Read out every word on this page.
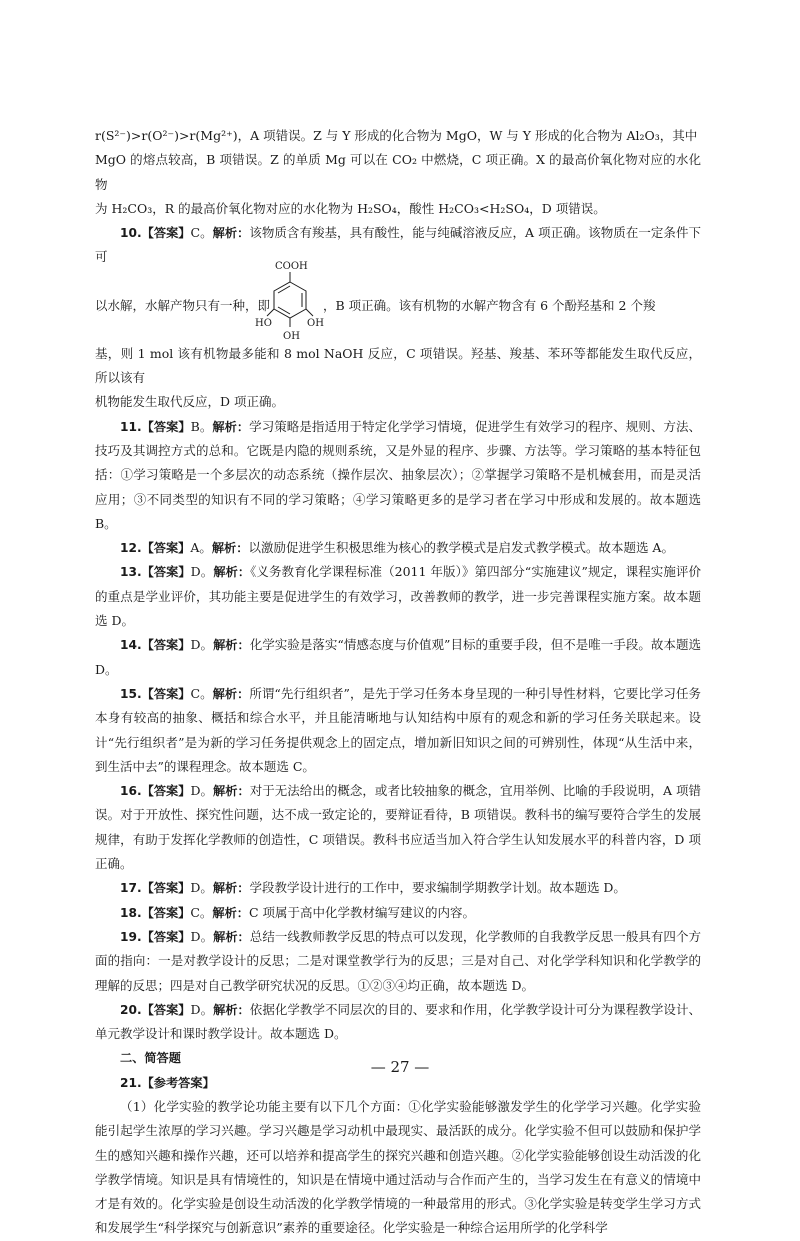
r(S²⁻)>r(O²⁻)>r(Mg²⁺)，A 项错误。Z 与 Y 形成的化合物为 MgO，W 与 Y 形成的化合物为 Al₂O₃，其中

MgO 的熔点较高，B 项错误。Z 的单质 Mg 可以在 CO₂ 中燃烧，C 项正确。X 的最高价氧化物对应的水化物

为 H₂CO₃，R 的最高价氧化物对应的水化物为 H₂SO₄，酸性 H₂CO₃<H₂SO₄，D 项错误。

10.【答案】C。解析：该物质含有羧基，具有酸性，能与纯碱溶液反应，A 项正确。该物质在一定条件下可

以水解，水解产物只有一种，即
COOH
HO	OH
OH
，B 项正确。该有机物的水解产物含有 6 个酚羟基和 2 个羧

基，则 1 mol 该有机物最多能和 8 mol NaOH 反应，C 项错误。羟基、羧基、苯环等都能发生取代反应，所以该有

机物能发生取代反应，D 项正确。

11.【答案】B。解析：学习策略是指适用于特定化学学习情境，促进学生有效学习的程序、规则、方法、技巧及其调控方式的总和。它既是内隐的规则系统，又是外显的程序、步骤、方法等。学习策略的基本特征包括：①学习策略是一个多层次的动态系统（操作层次、抽象层次）；②掌握学习策略不是机械套用，而是灵活应用；③不同类型的知识有不同的学习策略；④学习策略更多的是学习者在学习中形成和发展的。故本题选 B。

12.【答案】A。解析：以激励促进学生积极思维为核心的教学模式是启发式教学模式。故本题选 A。

13.【答案】D。解析：《义务教育化学课程标准（2011 年版）》第四部分“实施建议”规定，课程实施评价的重点是学业评价，其功能主要是促进学生的有效学习，改善教师的教学，进一步完善课程实施方案。故本题选 D。

14.【答案】D。解析：化学实验是落实“情感态度与价值观”目标的重要手段，但不是唯一手段。故本题选 D。

15.【答案】C。解析：所谓“先行组织者”，是先于学习任务本身呈现的一种引导性材料，它要比学习任务本身有较高的抽象、概括和综合水平，并且能清晰地与认知结构中原有的观念和新的学习任务关联起来。设计“先行组织者”是为新的学习任务提供观念上的固定点，增加新旧知识之间的可辨别性，体现“从生活中来，到生活中去”的课程理念。故本题选 C。

16.【答案】D。解析：对于无法给出的概念，或者比较抽象的概念，宜用举例、比喻的手段说明，A 项错误。对于开放性、探究性问题，达不成一致定论的，要辩证看待，B 项错误。教科书的编写要符合学生的发展规律，有助于发挥化学教师的创造性，C 项错误。教科书应适当加入符合学生认知发展水平的科普内容，D 项正确。

17.【答案】D。解析：学段教学设计进行的工作中，要求编制学期教学计划。故本题选 D。

18.【答案】C。解析：C 项属于高中化学教材编写建议的内容。

19.【答案】D。解析：总结一线教师教学反思的特点可以发现，化学教师的自我教学反思一般具有四个方面的指向：一是对教学设计的反思；二是对课堂教学行为的反思；三是对自己、对化学学科知识和化学教学的理解的反思；四是对自己教学研究状况的反思。①②③④均正确，故本题选 D。

20.【答案】D。解析：依据化学教学不同层次的目的、要求和作用，化学教学设计可分为课程教学设计、单元教学设计和课时教学设计。故本题选 D。

二、简答题

21.【参考答案】

（1）化学实验的教学论功能主要有以下几个方面：①化学实验能够激发学生的化学学习兴趣。化学实验能引起学生浓厚的学习兴趣。学习兴趣是学习动机中最现实、最活跃的成分。化学实验不但可以鼓励和保护学生的感知兴趣和操作兴趣，还可以培养和提高学生的探究兴趣和创造兴趣。②化学实验能够创设生动活泼的化学教学情境。知识是具有情境性的，知识是在情境中通过活动与合作而产生的，当学习发生在有意义的情境中才是有效的。化学实验是创设生动活泼的化学教学情境的一种最常用的形式。③化学实验是转变学生学习方式和发展学生“科学探究与创新意识”素养的重要途径。化学实验是一种综合运用所学的化学科学

— 27 —
